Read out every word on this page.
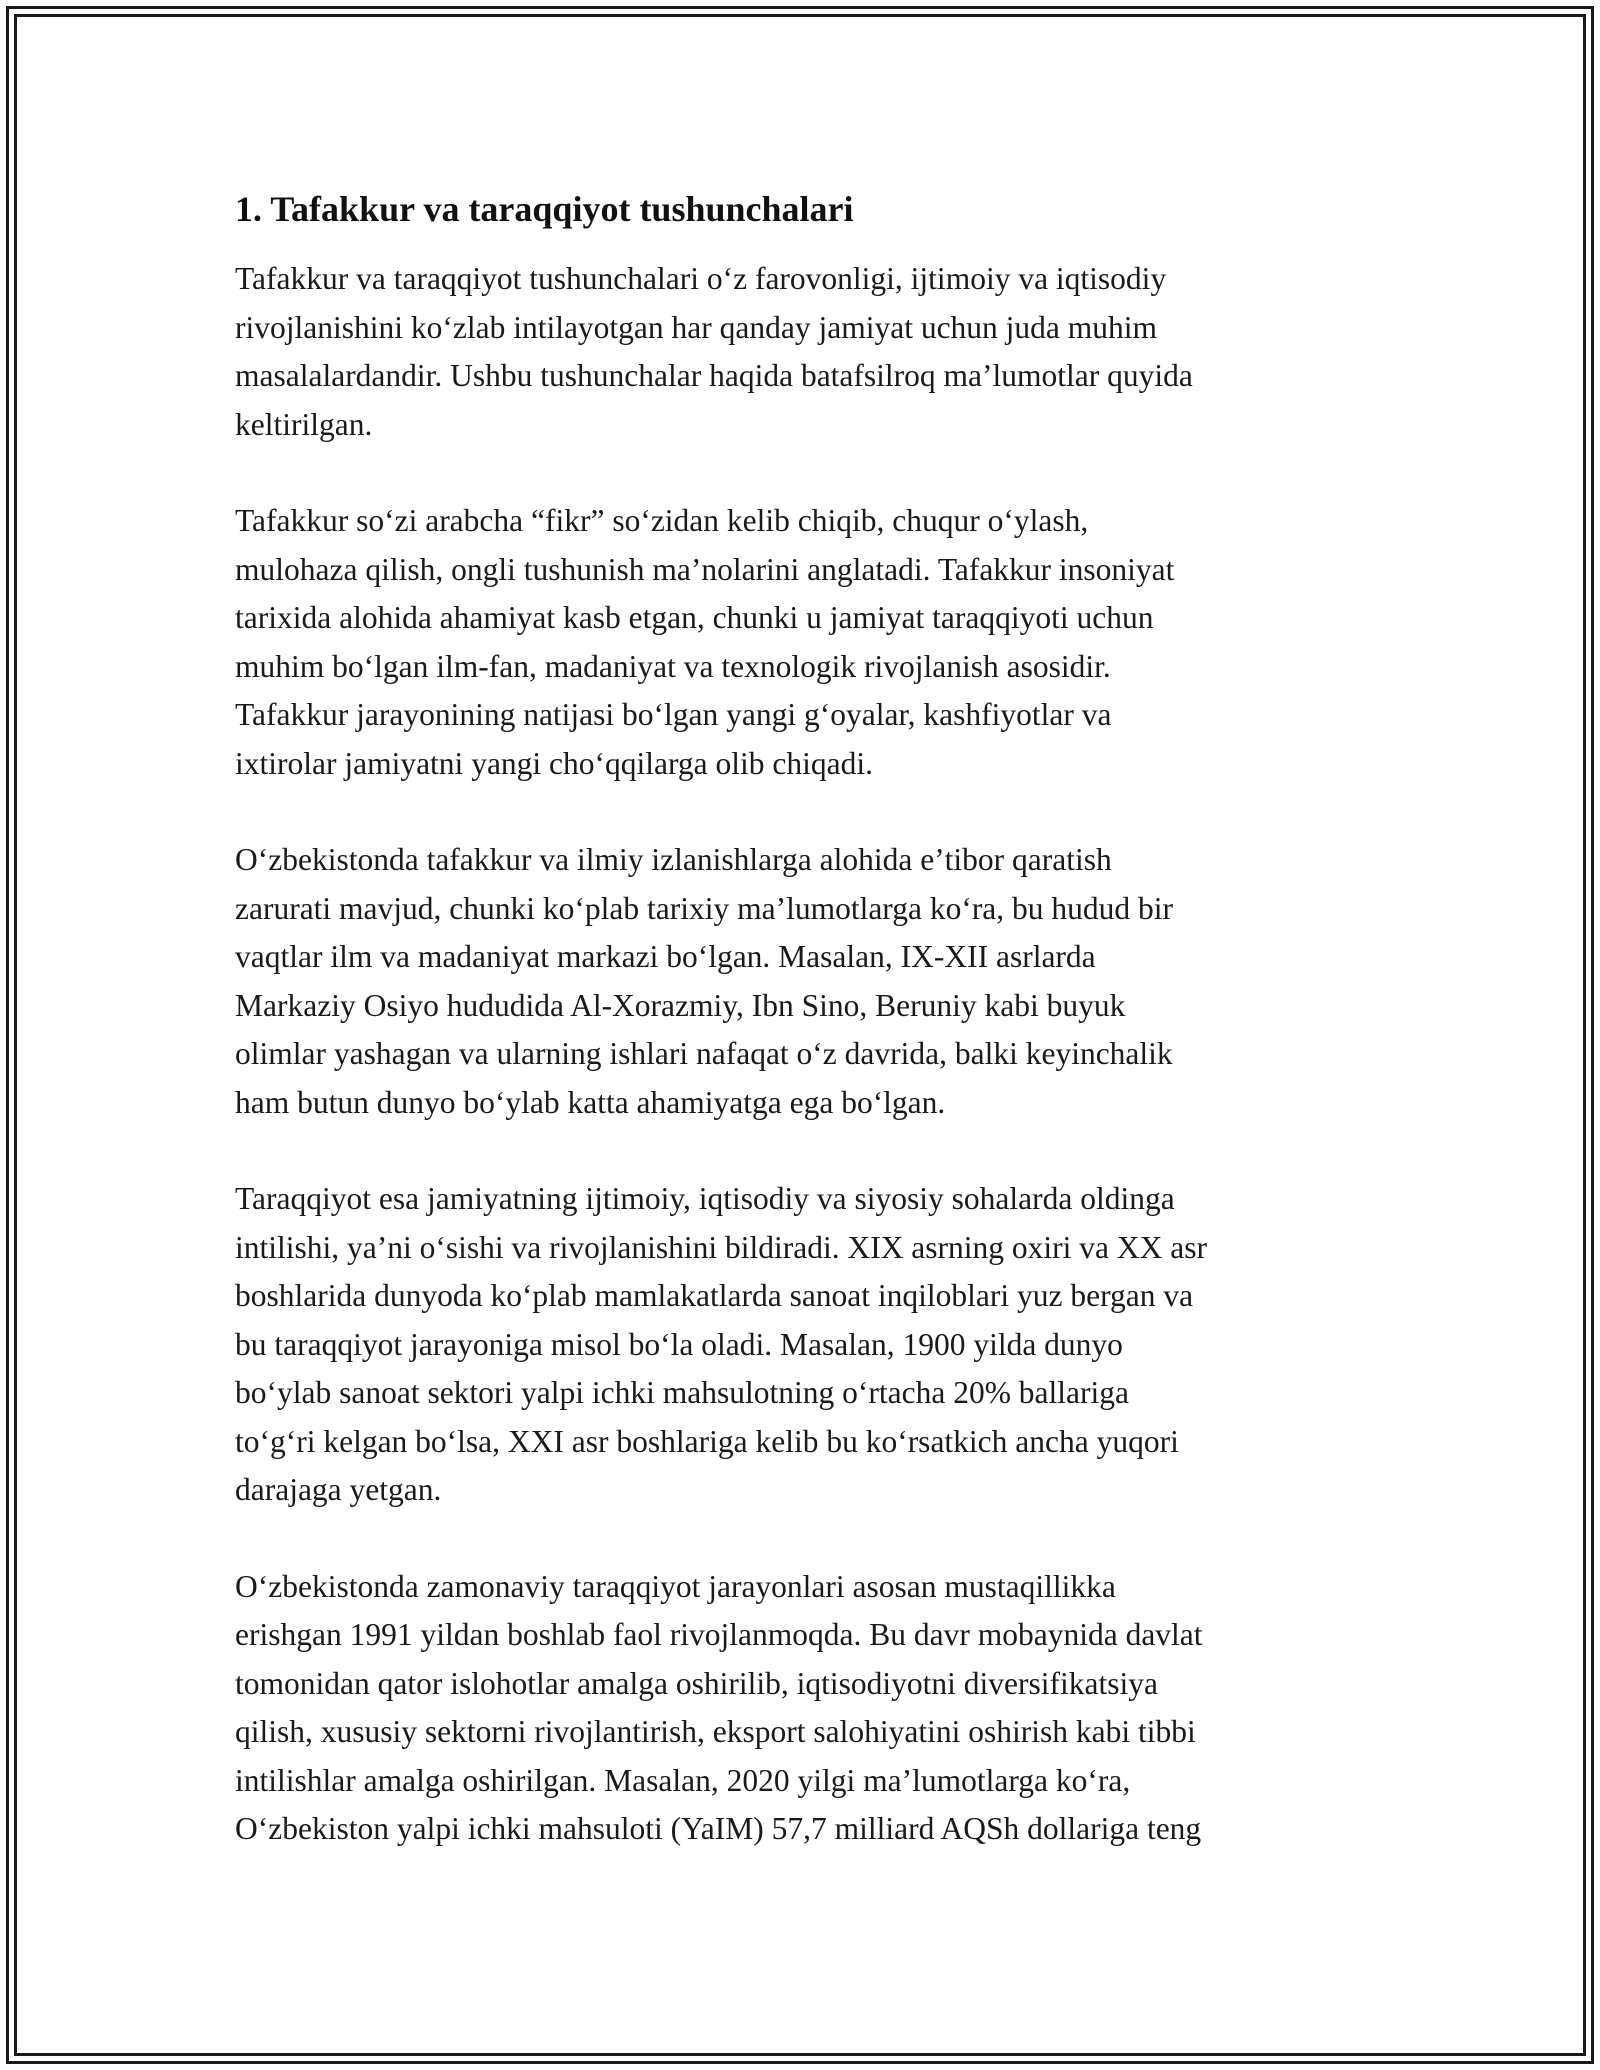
1. Tafakkur va taraqqiyot tushunchalari

Tafakkur va taraqqiyot tushunchalari oʻz farovonligi, ijtimoiy va iqtisodiy
rivojlanishini koʻzlab intilayotgan har qanday jamiyat uchun juda muhim
masalalardandir. Ushbu tushunchalar haqida batafsilroq maʼlumotlar quyida
keltirilgan.

Tafakkur soʻzi arabcha “fikr” soʻzidan kelib chiqib, chuqur oʻylash,
mulohaza qilish, ongli tushunish maʼnolarini anglatadi. Tafakkur insoniyat
tarixida alohida ahamiyat kasb etgan, chunki u jamiyat taraqqiyoti uchun
muhim boʻlgan ilm-fan, madaniyat va texnologik rivojlanish asosidir.
Tafakkur jarayonining natijasi boʻlgan yangi gʻoyalar, kashfiyotlar va
ixtirolar jamiyatni yangi choʻqqilarga olib chiqadi.

Oʻzbekistonda tafakkur va ilmiy izlanishlarga alohida eʼtibor qaratish
zarurati mavjud, chunki koʻplab tarixiy maʼlumotlarga koʻra, bu hudud bir
vaqtlar ilm va madaniyat markazi boʻlgan. Masalan, IX-XII asrlarda
Markaziy Osiyo hududida Al-Xorazmiy, Ibn Sino, Beruniy kabi buyuk
olimlar yashagan va ularning ishlari nafaqat oʻz davrida, balki keyinchalik
ham butun dunyo boʻylab katta ahamiyatga ega boʻlgan.

Taraqqiyot esa jamiyatning ijtimoiy, iqtisodiy va siyosiy sohalarda oldinga
intilishi, yaʼni oʻsishi va rivojlanishini bildiradi. XIX asrning oxiri va XX asr
boshlarida dunyoda koʻplab mamlakatlarda sanoat inqiloblari yuz bergan va
bu taraqqiyot jarayoniga misol boʻla oladi. Masalan, 1900 yilda dunyo
boʻylab sanoat sektori yalpi ichki mahsulotning oʻrtacha 20% ballariga
toʻgʻri kelgan boʻlsa, XXI asr boshlariga kelib bu koʻrsatkich ancha yuqori
darajaga yetgan.

Oʻzbekistonda zamonaviy taraqqiyot jarayonlari asosan mustaqillikka
erishgan 1991 yildan boshlab faol rivojlanmoqda. Bu davr mobaynida davlat
tomonidan qator islohotlar amalga oshirilib, iqtisodiyotni diversifikatsiya
qilish, xususiy sektorni rivojlantirish, eksport salohiyatini oshirish kabi tibbi
intilishlar amalga oshirilgan. Masalan, 2020 yilgi maʼlumotlarga koʻra,
Oʻzbekiston yalpi ichki mahsuloti (YaIM) 57,7 milliard AQSh dollariga teng
